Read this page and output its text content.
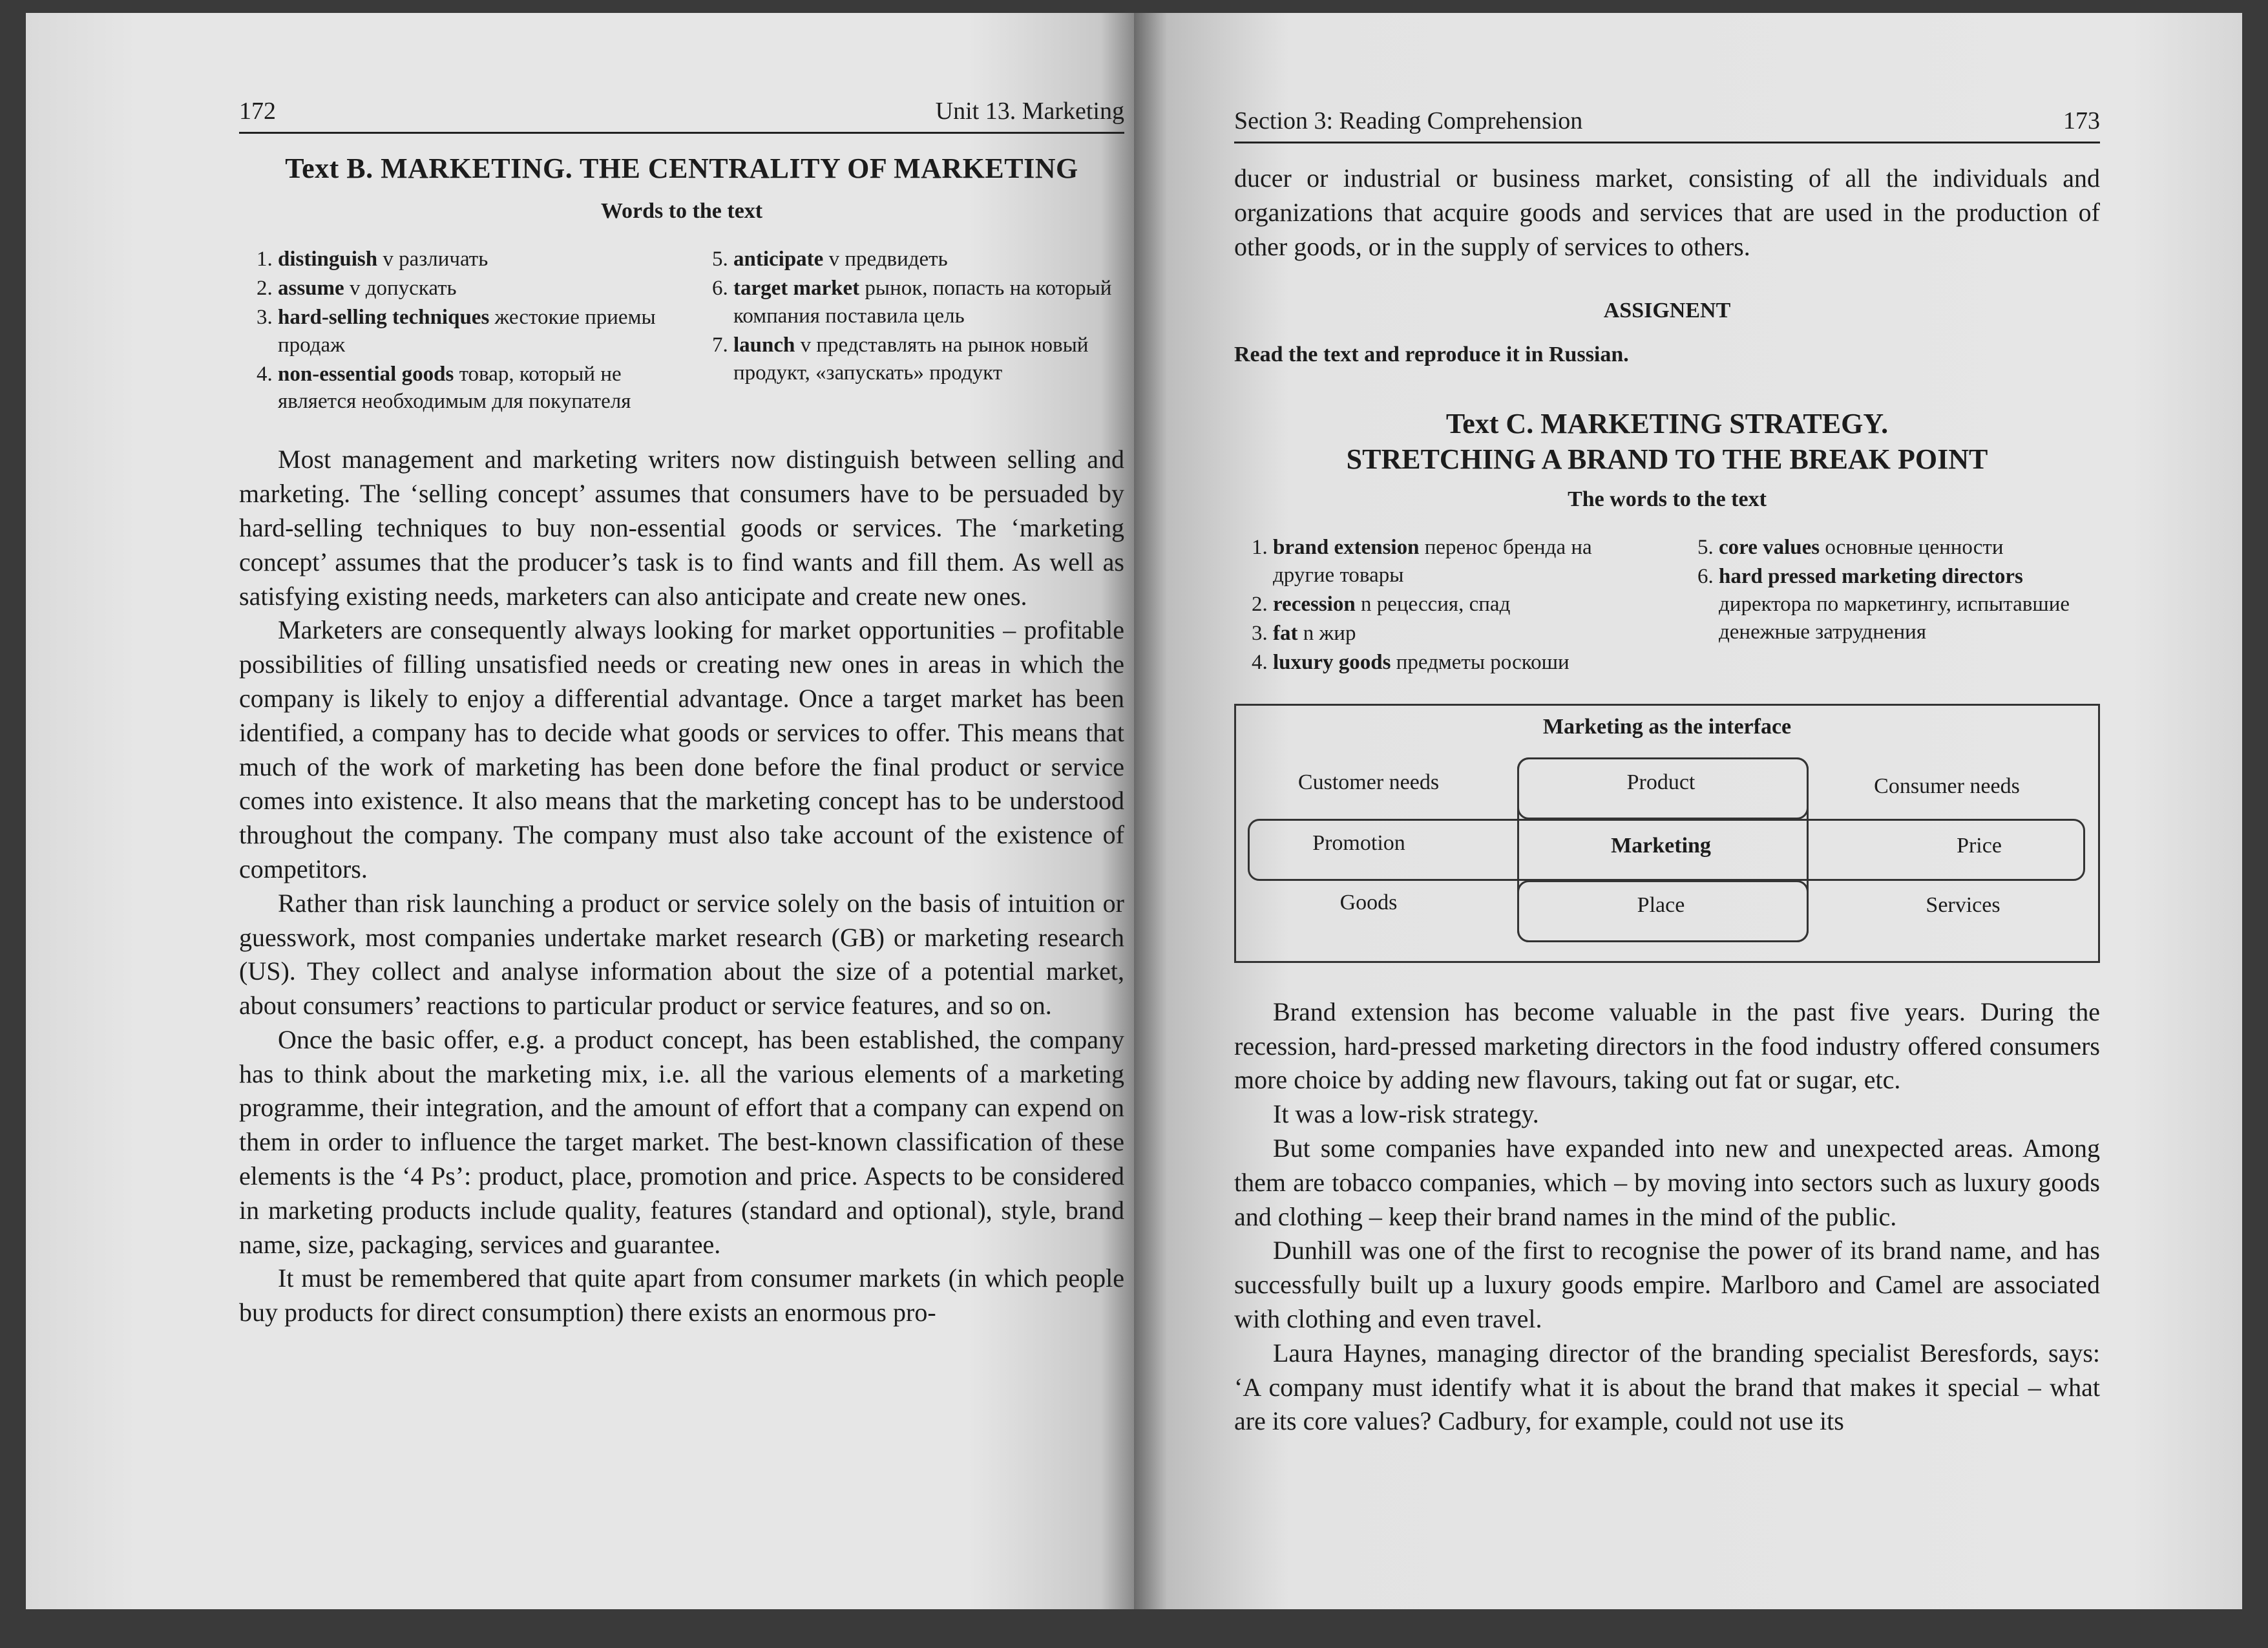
172	Unit 13. Marketing
Text B. MARKETING. THE CENTRALITY OF MARKETING
Words to the text
1. distinguish v различать
2. assume v допускать
3. hard-selling techniques жестокие приемы продаж
4. non-essential goods товар, который не является необходимым для покупателя
5. anticipate v предвидеть
6. target market рынок, попасть на который компания поставила цель
7. launch v представлять на рынок новый продукт, «запускать» продукт

Most management and marketing writers now distinguish between selling and marketing. The ‘selling concept’ assumes that consumers have to be persuaded by hard-selling techniques to buy non-essential goods or services. The ‘marketing concept’ assumes that the producer’s task is to find wants and fill them. As well as satisfying existing needs, marketers can also anticipate and create new ones.

Marketers are consequently always looking for market opportunities – profitable possibilities of filling unsatisfied needs or creating new ones in areas in which the company is likely to enjoy a differential advantage. Once a target market has been identified, a company has to decide what goods or services to offer. This means that much of the work of marketing has been done before the final product or service comes into existence. It also means that the marketing concept has to be understood throughout the company. The company must also take account of the existence of competitors.

Rather than risk launching a product or service solely on the basis of intuition or guesswork, most companies undertake market research (GB) or marketing research (US). They collect and analyse information about the size of a potential market, about consumers’ reactions to particular product or service features, and so on.

Once the basic offer, e.g. a product concept, has been established, the company has to think about the marketing mix, i.e. all the various elements of a marketing programme, their integration, and the amount of effort that a company can expend on them in order to influence the target market. The best-known classification of these elements is the ‘4 Ps’: product, place, promotion and price. Aspects to be considered in marketing products include quality, features (standard and optional), style, brand name, size, packaging, services and guarantee.

It must be remembered that quite apart from consumer markets (in which people buy products for direct consumption) there exists an enormous pro-

Section 3: Reading Comprehension	173

ducer or industrial or business market, consisting of all the individuals and organizations that acquire goods and services that are used in the production of other goods, or in the supply of services to others.

ASSIGNENT
Read the text and reproduce it in Russian.
Text C. MARKETING STRATEGY.
STRETCHING A BRAND TO THE BREAK POINT
The words to the text
1. brand extension перенос бренда на другие товары
2. recession n рецессия, спад
3. fat n жир
4. luxury goods предметы роскоши
5. core values основные ценности
6. hard pressed marketing directors директора по маркетингу, испытавшие денежные затруднения
Marketing as the interface
Customer needs	Product	Consumer needs
Promotion	Marketing	Price
Goods	Place	Services

Brand extension has become valuable in the past five years. During the recession, hard-pressed marketing directors in the food industry offered consumers more choice by adding new flavours, taking out fat or sugar, etc.

It was a low-risk strategy.

But some companies have expanded into new and unexpected areas. Among them are tobacco companies, which – by moving into sectors such as luxury goods and clothing – keep their brand names in the mind of the public.

Dunhill was one of the first to recognise the power of its brand name, and has successfully built up a luxury goods empire. Marlboro and Camel are associated with clothing and even travel.

Laura Haynes, managing director of the branding specialist Beresfords, says: ‘A company must identify what it is about the brand that makes it special – what are its core values? Cadbury, for example, could not use its
